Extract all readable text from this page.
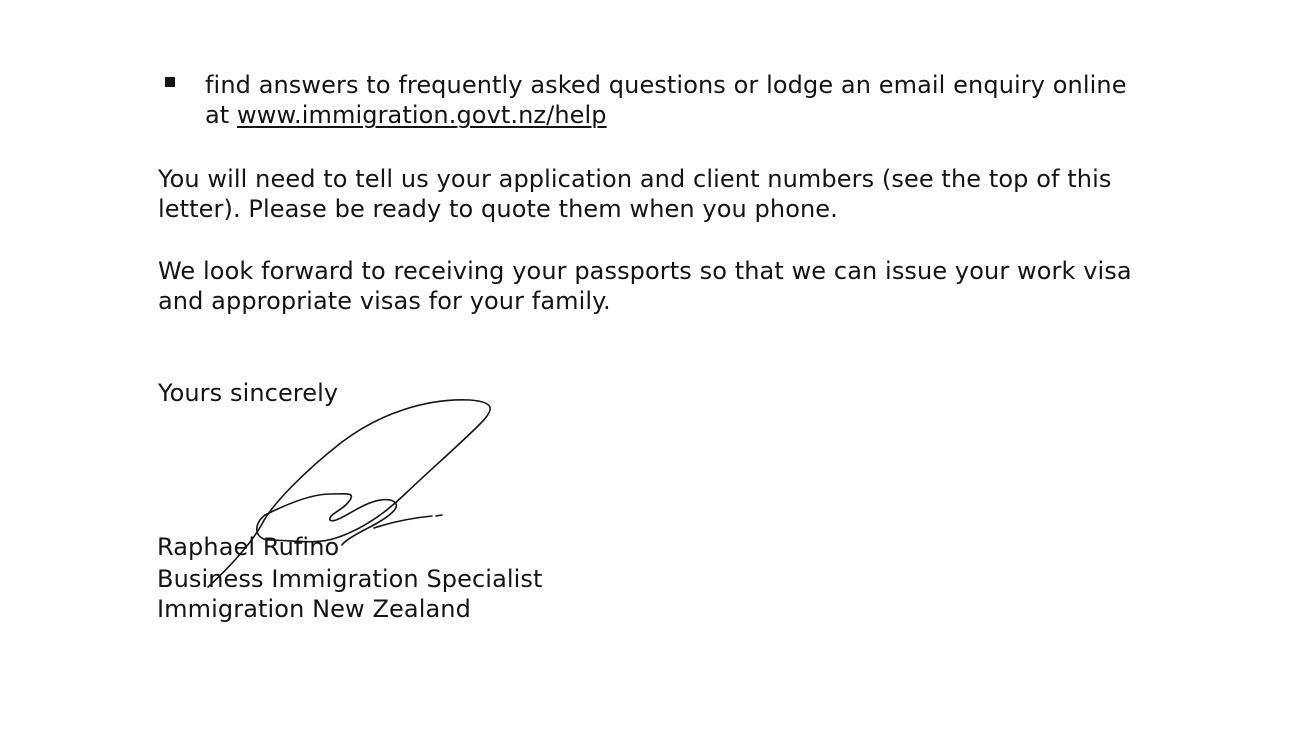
find answers to frequently asked questions or lodge an email enquiry online
at www.immigration.govt.nz/help
You will need to tell us your application and client numbers (see the top of this
letter). Please be ready to quote them when you phone.
We look forward to receiving your passports so that we can issue your work visa
and appropriate visas for your family.
Yours sincerely
Raphael Rufino
Business Immigration Specialist
Immigration New Zealand
